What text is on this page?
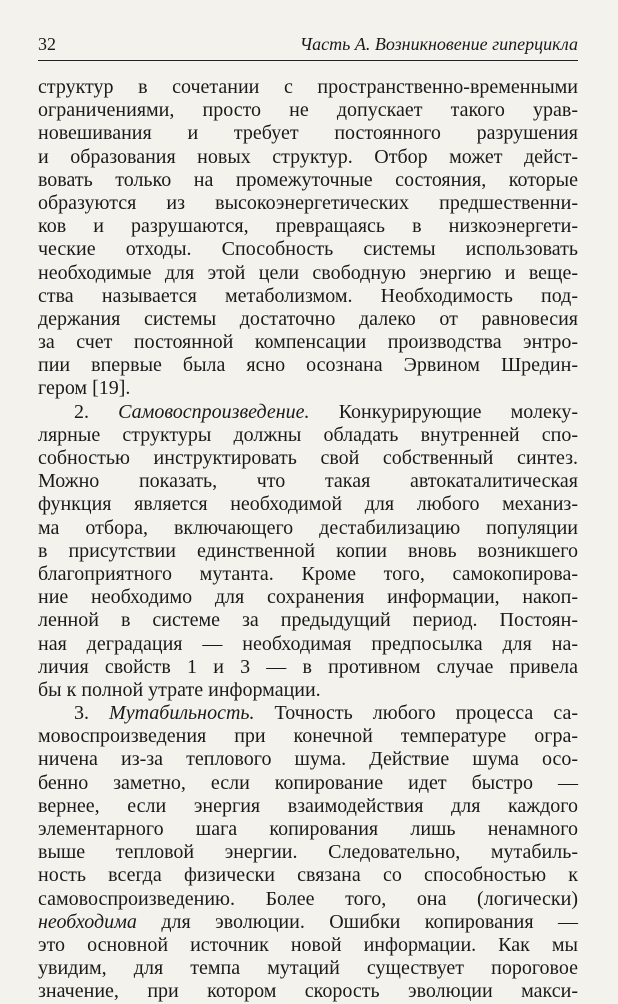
32	Часть А. Возникновение гиперцикла
структур в сочетании с пространственно-временными
ограничениями, просто не допускает такого урав-
новешивания и требует постоянного разрушения
и образования новых структур. Отбор может дейст-
вовать только на промежуточные состояния, которые
образуются из высокоэнергетических предшественни-
ков и разрушаются, превращаясь в низкоэнергети-
ческие отходы. Способность системы использовать
необходимые для этой цели свободную энергию и веще-
ства называется метаболизмом. Необходимость под-
держания системы достаточно далеко от равновесия
за счет постоянной компенсации производства энтро-
пии впервые была ясно осознана Эрвином Шредин-
гером [19].
2. Самовоспроизведение. Конкурирующие молеку-
лярные структуры должны обладать внутренней спо-
собностью инструктировать свой собственный синтез.
Можно показать, что такая автокаталитическая
функция является необходимой для любого механиз-
ма отбора, включающего дестабилизацию популяции
в присутствии единственной копии вновь возникшего
благоприятного мутанта. Кроме того, самокопирова-
ние необходимо для сохранения информации, накоп-
ленной в системе за предыдущий период. Постоян-
ная деградация — необходимая предпосылка для на-
личия свойств 1 и 3 — в противном случае привела
бы к полной утрате информации.
3. Мутабильность. Точность любого процесса са-
мовоспроизведения при конечной температуре огра-
ничена из-за теплового шума. Действие шума осо-
бенно заметно, если копирование идет быстро —
вернее, если энергия взаимодействия для каждого
элементарного шага копирования лишь ненамного
выше тепловой энергии. Следовательно, мутабиль-
ность всегда физически связана со способностью к
самовоспроизведению. Более того, она (логически)
необходима для эволюции. Ошибки копирования —
это основной источник новой информации. Как мы
увидим, для темпа мутаций существует пороговое
значение, при котором скорость эволюции макси-
